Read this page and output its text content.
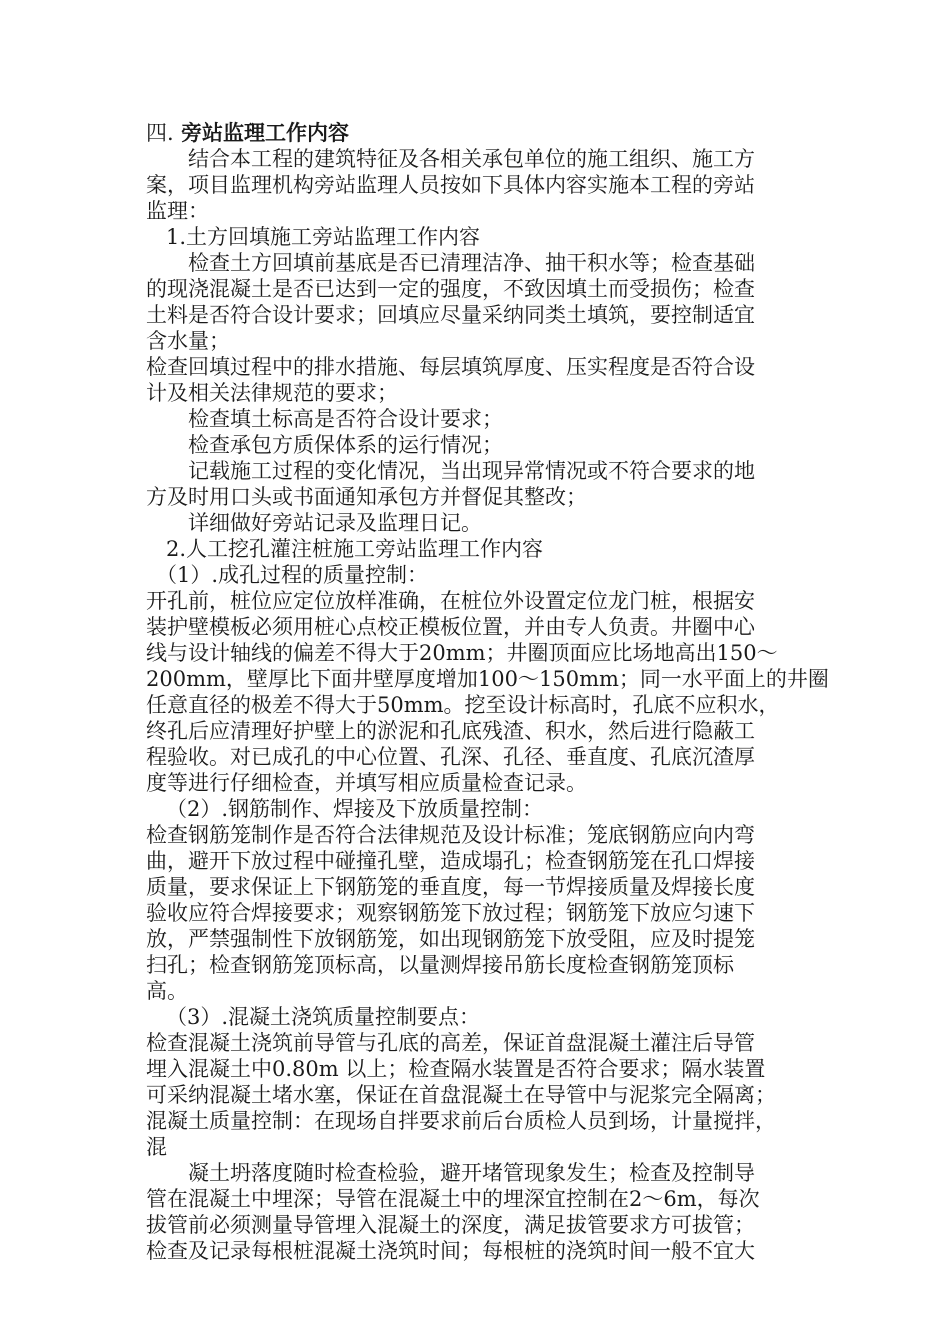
四. 旁站监理工作内容
结合本工程的建筑特征及各相关承包单位的施工组织、施工方
案，项目监理机构旁站监理人员按如下具体内容实施本工程的旁站
监理：
1.土方回填施工旁站监理工作内容
检查土方回填前基底是否已清理洁净、抽干积水等；检查基础
的现浇混凝土是否已达到一定的强度，不致因填土而受损伤；检查
土料是否符合设计要求；回填应尽量采纳同类土填筑，要控制适宜
含水量；
检查回填过程中的排水措施、每层填筑厚度、压实程度是否符合设
计及相关法律规范的要求；
检查填土标高是否符合设计要求；
检查承包方质保体系的运行情况；
记载施工过程的变化情况，当出现异常情况或不符合要求的地
方及时用口头或书面通知承包方并督促其整改；
详细做好旁站记录及监理日记。
2.人工挖孔灌注桩施工旁站监理工作内容
（1）.成孔过程的质量控制：
开孔前，桩位应定位放样准确，在桩位外设置定位龙门桩，根据安
装护壁模板必须用桩心点校正模板位置，并由专人负责。井圈中心
线与设计轴线的偏差不得大于20mm；井圈顶面应比场地高出150～
200mm，壁厚比下面井壁厚度增加100～150mm；同一水平面上的井圈
任意直径的极差不得大于50mm。挖至设计标高时，孔底不应积水，
终孔后应清理好护壁上的淤泥和孔底残渣、积水，然后进行隐蔽工
程验收。对已成孔的中心位置、孔深、孔径、垂直度、孔底沉渣厚
度等进行仔细检查，并填写相应质量检查记录。
（2）.钢筋制作、焊接及下放质量控制：
检查钢筋笼制作是否符合法律规范及设计标准；笼底钢筋应向内弯
曲，避开下放过程中碰撞孔壁，造成塌孔；检查钢筋笼在孔口焊接
质量，要求保证上下钢筋笼的垂直度，每一节焊接质量及焊接长度
验收应符合焊接要求；观察钢筋笼下放过程；钢筋笼下放应匀速下
放，严禁强制性下放钢筋笼，如出现钢筋笼下放受阻，应及时提笼
扫孔；检查钢筋笼顶标高，以量测焊接吊筋长度检查钢筋笼顶标
高。
（3）.混凝土浇筑质量控制要点：
检查混凝土浇筑前导管与孔底的高差，保证首盘混凝土灌注后导管
埋入混凝土中0.80m 以上；检查隔水装置是否符合要求；隔水装置
可采纳混凝土堵水塞，保证在首盘混凝土在导管中与泥浆完全隔离；
混凝土质量控制：在现场自拌要求前后台质检人员到场，计量搅拌，
混
凝土坍落度随时检查检验，避开堵管现象发生；检查及控制导
管在混凝土中埋深；导管在混凝土中的埋深宜控制在2～6m，每次
拔管前必须测量导管埋入混凝土的深度，满足拔管要求方可拔管；
检查及记录每根桩混凝土浇筑时间；每根桩的浇筑时间一般不宜大
